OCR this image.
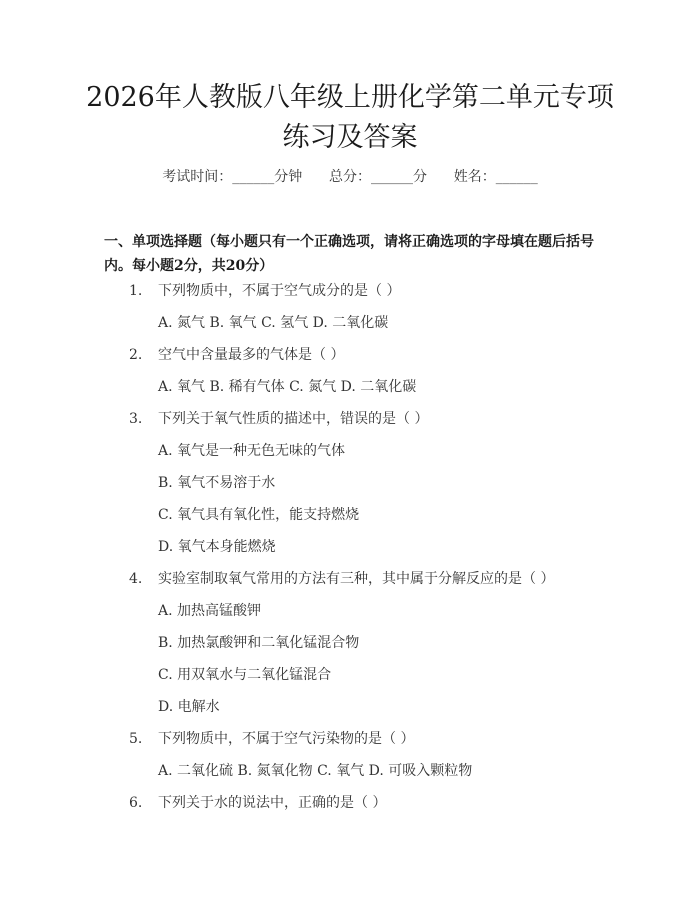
2026年人教版八年级上册化学第二单元专项
练习及答案
考试时间：______分钟      总分：______分      姓名：______
一、单项选择题（每小题只有一个正确选项，请将正确选项的字母填在题后括号内。每小题2分，共20分）
1. 下列物质中，不属于空气成分的是（ ）
A. 氮气 B. 氧气 C. 氢气 D. 二氧化碳
2. 空气中含量最多的气体是（ ）
A. 氧气 B. 稀有气体 C. 氮气 D. 二氧化碳
3. 下列关于氧气性质的描述中，错误的是（ ）
A. 氧气是一种无色无味的气体
B. 氧气不易溶于水
C. 氧气具有氧化性，能支持燃烧
D. 氧气本身能燃烧
4. 实验室制取氧气常用的方法有三种，其中属于分解反应的是（ ）
A. 加热高锰酸钾
B. 加热氯酸钾和二氧化锰混合物
C. 用双氧水与二氧化锰混合
D. 电解水
5. 下列物质中，不属于空气污染物的是（ ）
A. 二氧化硫 B. 氮氧化物 C. 氧气 D. 可吸入颗粒物
6. 下列关于水的说法中，正确的是（ ）
